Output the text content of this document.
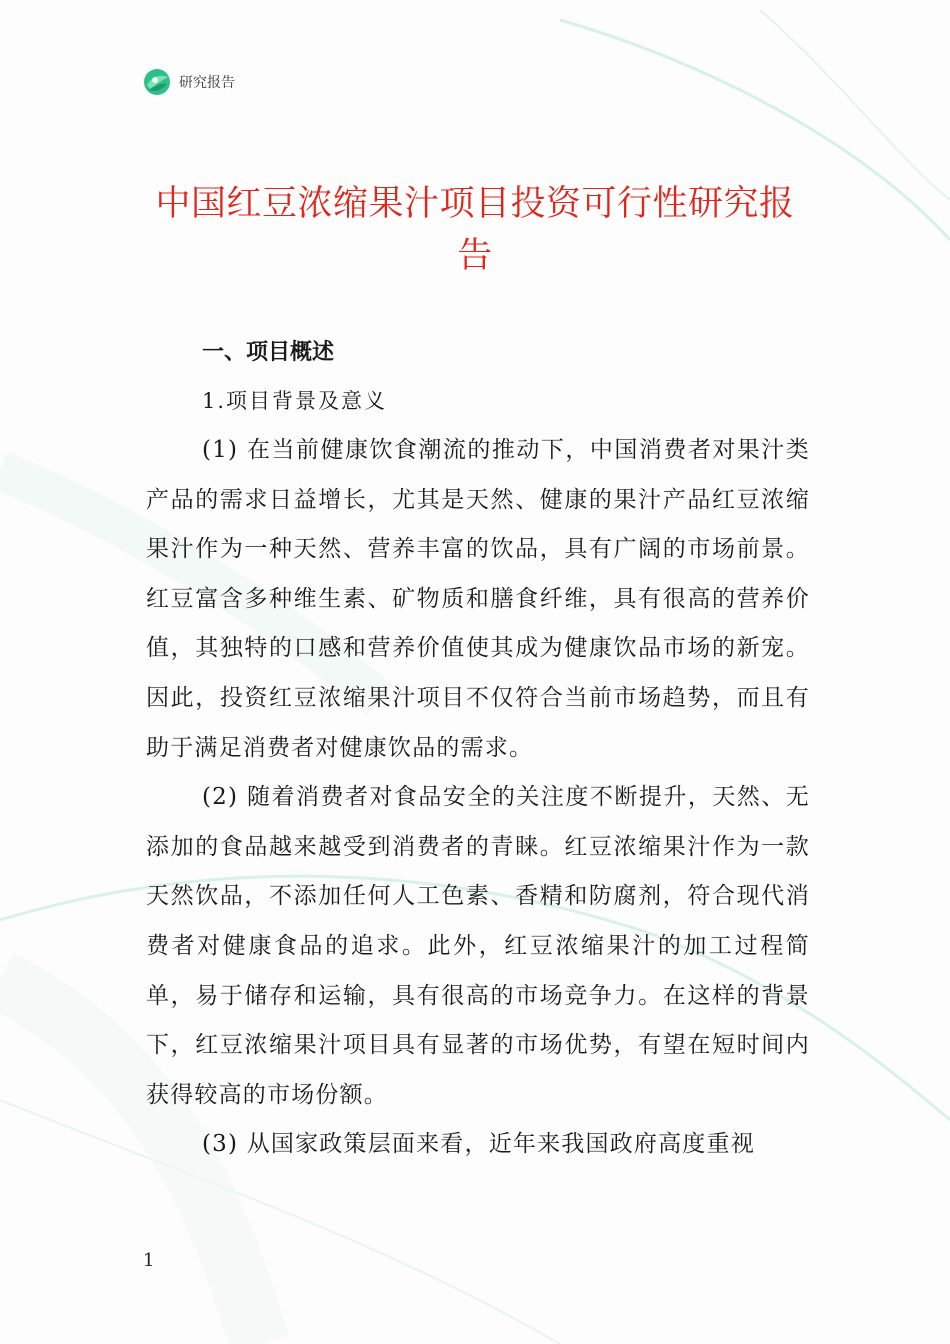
研究报告
中国红豆浓缩果汁项目投资可行性研究报告

一、项目概述

1.项目背景及意义

(1) 在当前健康饮食潮流的推动下，中国消费者对果汁类产品的需求日益增长，尤其是天然、健康的果汁产品红豆浓缩果汁作为一种天然、营养丰富的饮品，具有广阔的市场前景。红豆富含多种维生素、矿物质和膳食纤维，具有很高的营养价值，其独特的口感和营养价值使其成为健康饮品市场的新宠。因此，投资红豆浓缩果汁项目不仅符合当前市场趋势，而且有助于满足消费者对健康饮品的需求。

(2) 随着消费者对食品安全的关注度不断提升，天然、无添加的食品越来越受到消费者的青睐。红豆浓缩果汁作为一款天然饮品，不添加任何人工色素、香精和防腐剂，符合现代消费者对健康食品的追求。此外，红豆浓缩果汁的加工过程简单，易于储存和运输，具有很高的市场竞争力。在这样的背景下，红豆浓缩果汁项目具有显著的市场优势，有望在短时间内获得较高的市场份额。

(3) 从国家政策层面来看，近年来我国政府高度重视

1
